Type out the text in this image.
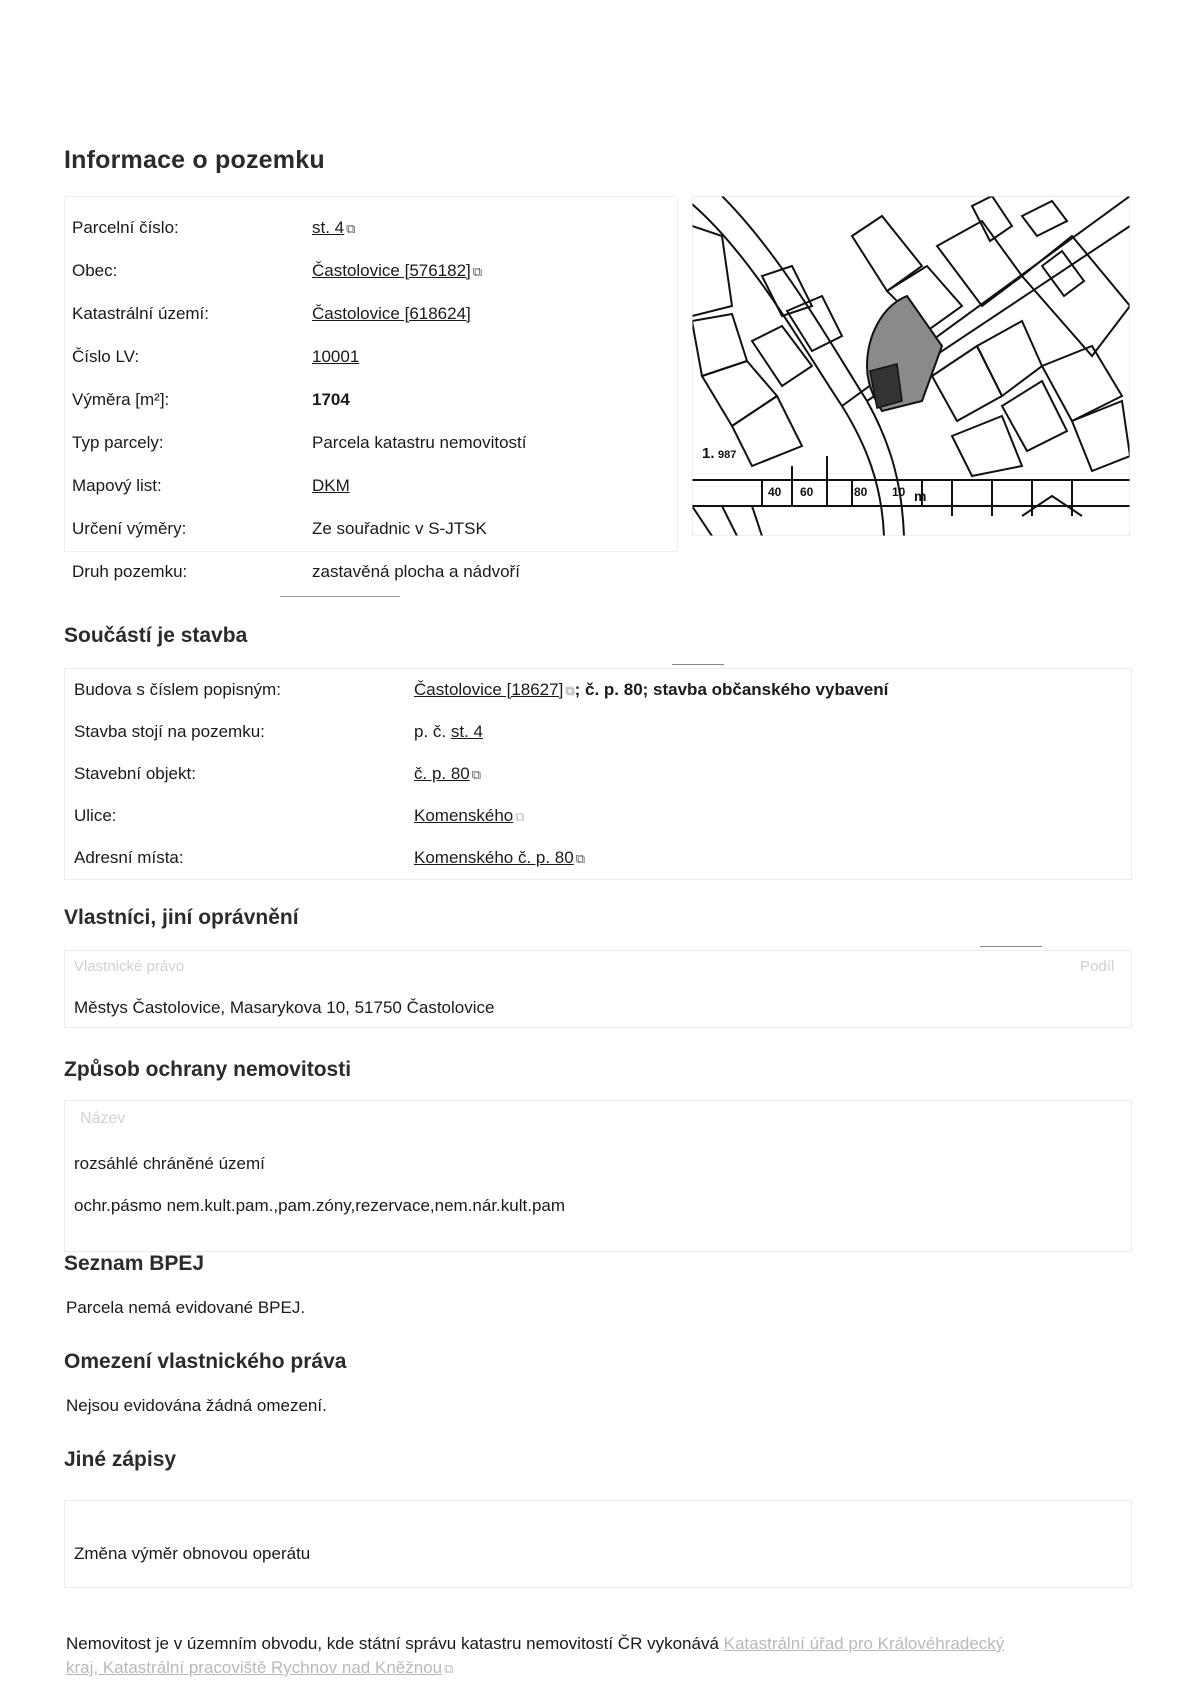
Informace o pozemku
Parcelní číslo:	st. 4 ⧉
Obec:	Častolovice [576182] ⧉
Katastrální území:	Častolovice [618624]
Číslo LV:	10001
Výměra [m²]:	1704
Typ parcely:	Parcela katastru nemovitostí
Mapový list:	DKM
Určení výměry:	Ze souřadnic v S-JTSK
Druh pozemku:	zastavěná plocha a nádvoří
1. 987
40 60	80 10 m
Součástí je stavba
Budova s číslem popisným:	Častolovice [18627] ⧉; č. p. 80; stavba občanského vybavení
Stavba stojí na pozemku:	p. č. st. 4
Stavební objekt:	č. p. 80 ⧉
Ulice:	Komenského ⧉
Adresní místa:	Komenského č. p. 80 ⧉
Vlastníci, jiní oprávnění
Vlastnické právo	Podíl
Městys Častolovice, Masarykova 10, 51750 Častolovice
Způsob ochrany nemovitosti
Název
rozsáhlé chráněné území
ochr.pásmo nem.kult.pam.,pam.zóny,rezervace,nem.nár.kult.pam
Seznam BPEJ
Parcela nemá evidované BPEJ.
Omezení vlastnického práva
Nejsou evidována žádná omezení.
Jiné zápisy
Změna výměr obnovou operátu
Nemovitost je v územním obvodu, kde státní správu katastru nemovitostí ČR vykonává Katastrální úřad pro Královéhradecký
kraj, Katastrální pracoviště Rychnov nad Kněžnou ⧉
